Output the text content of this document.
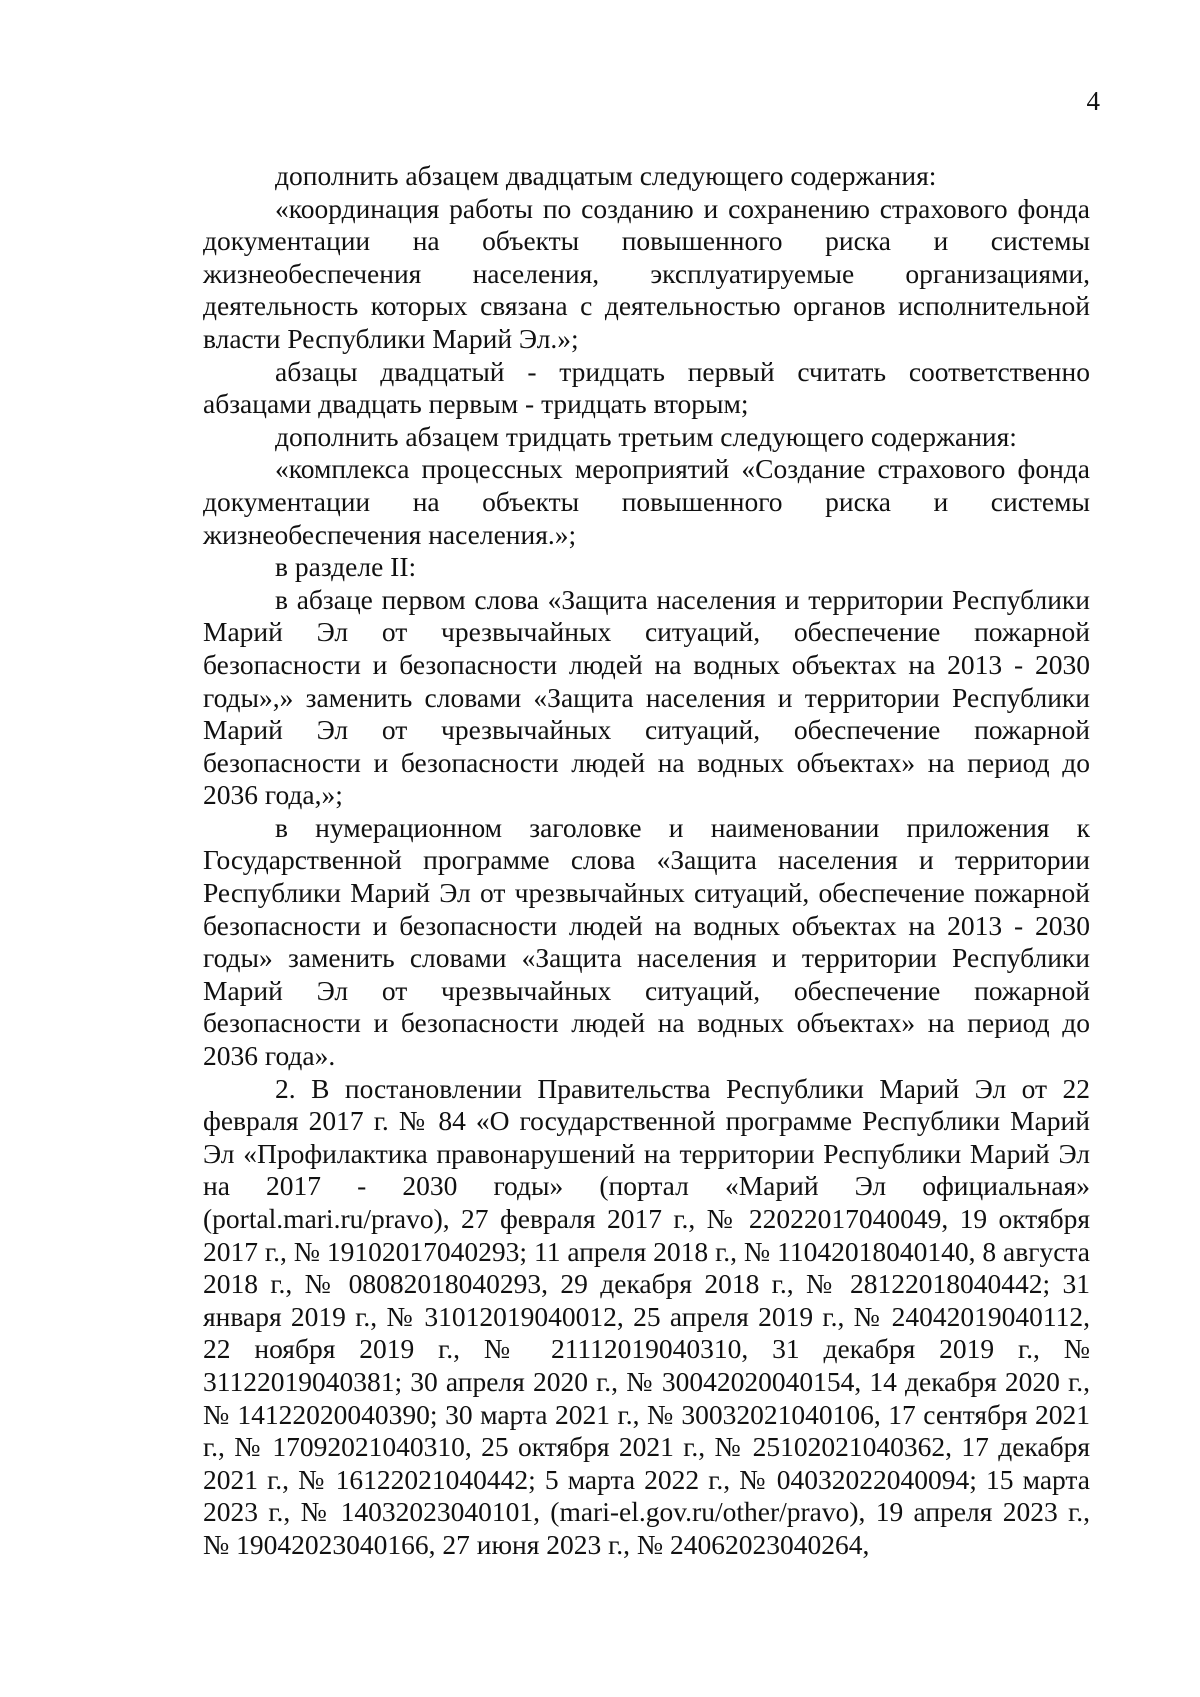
4

дополнить абзацем двадцатым следующего содержания:

«координация работы по созданию и сохранению страхового фонда документации на объекты повышенного риска и системы жизнеобеспечения населения, эксплуатируемые организациями, деятельность которых связана с деятельностью органов исполнительной власти Республики Марий Эл.»;

абзацы двадцатый - тридцать первый считать соответственно абзацами двадцать первым - тридцать вторым;

дополнить абзацем тридцать третьим следующего содержания:

«комплекса процессных мероприятий «Создание страхового фонда документации на объекты повышенного риска и системы жизнеобеспечения населения.»;

в разделе II:

в абзаце первом слова «Защита населения и территории Республики Марий Эл от чрезвычайных ситуаций, обеспечение пожарной безопасности и безопасности людей на водных объектах на 2013 - 2030 годы»,» заменить словами «Защита населения и территории Республики Марий Эл от чрезвычайных ситуаций, обеспечение пожарной безопасности и безопасности людей на водных объектах» на период до 2036 года,»;

в нумерационном заголовке и наименовании приложения к Государственной программе слова «Защита населения и территории Республики Марий Эл от чрезвычайных ситуаций, обеспечение пожарной безопасности и безопасности людей на водных объектах на 2013 - 2030 годы» заменить словами «Защита населения и территории Республики Марий Эл от чрезвычайных ситуаций, обеспечение пожарной безопасности и безопасности людей на водных объектах» на период до 2036 года».

2. В постановлении Правительства Республики Марий Эл от 22 февраля 2017 г. № 84 «О государственной программе Республики Марий Эл «Профилактика правонарушений на территории Республики Марий Эл на 2017 - 2030 годы» (портал «Марий Эл официальная» (portal.mari.ru/pravo), 27 февраля 2017 г., № 22022017040049, 19 октября 2017 г., № 19102017040293; 11 апреля 2018 г., № 11042018040140, 8 августа 2018 г., № 08082018040293, 29 декабря 2018 г., № 28122018040442; 31 января 2019 г., № 31012019040012, 25 апреля 2019 г., № 24042019040112, 22 ноября 2019 г., № 21112019040310, 31 декабря 2019 г., № 31122019040381; 30 апреля 2020 г., № 30042020040154, 14 декабря 2020 г., № 14122020040390; 30 марта 2021 г., № 30032021040106, 17 сентября 2021 г., № 17092021040310, 25 октября 2021 г., № 25102021040362, 17 декабря 2021 г., № 16122021040442; 5 марта 2022 г., № 04032022040094; 15 марта 2023 г., № 14032023040101, (mari-el.gov.ru/other/pravo), 19 апреля 2023 г., № 19042023040166, 27 июня 2023 г., № 24062023040264,
